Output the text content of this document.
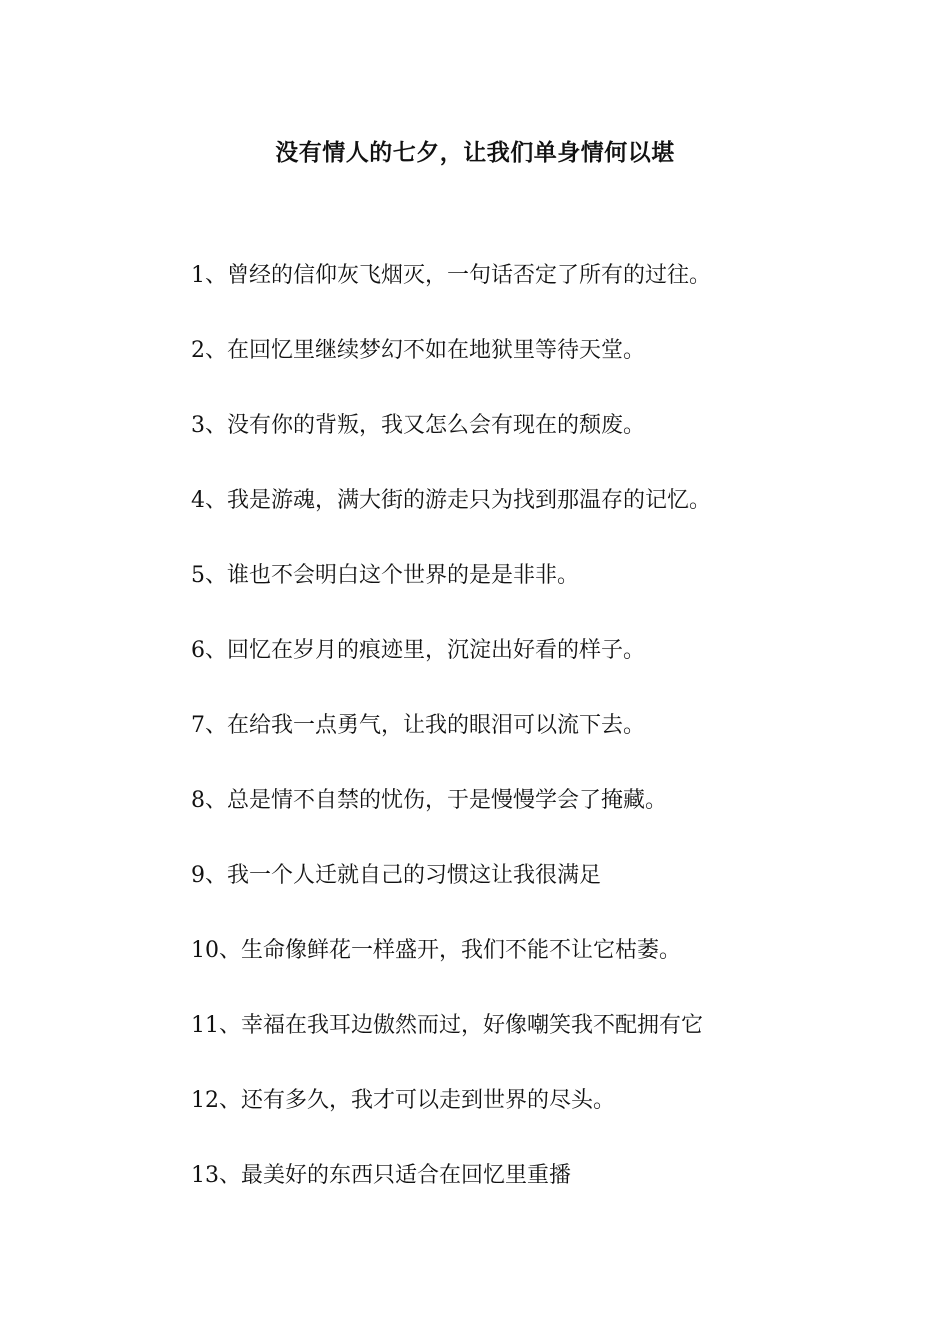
没有情人的七夕，让我们单身情何以堪
1、曾经的信仰灰飞烟灭，一句话否定了所有的过往。
2、在回忆里继续梦幻不如在地狱里等待天堂。
3、没有你的背叛，我又怎么会有现在的颓废。
4、我是游魂，满大街的游走只为找到那温存的记忆。
5、谁也不会明白这个世界的是是非非。
6、回忆在岁月的痕迹里，沉淀出好看的样子。
7、在给我一点勇气，让我的眼泪可以流下去。
8、总是情不自禁的忧伤，于是慢慢学会了掩藏。
9、我一个人迁就自己的习惯这让我很满足
10、生命像鲜花一样盛开，我们不能不让它枯萎。
11、幸福在我耳边傲然而过，好像嘲笑我不配拥有它
12、还有多久，我才可以走到世界的尽头。
13、最美好的东西只适合在回忆里重播
